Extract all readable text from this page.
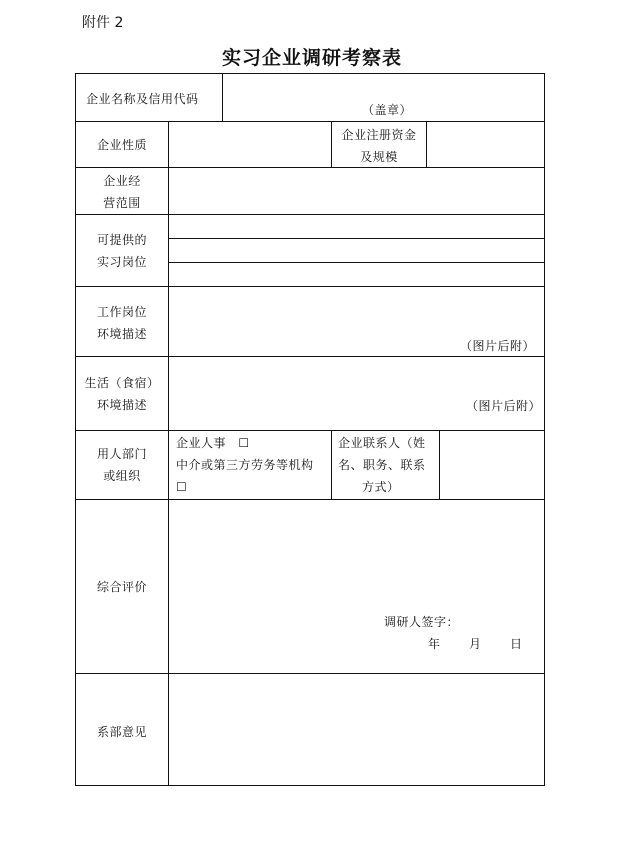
附件 2
实习企业调研考察表
企业名称及信用代码
（盖章）
企业性质
企业注册资金
及规模
企业经
营范围
可提供的
实习岗位
工作岗位
环境描述
（图片后附）
生活（食宿）
环境描述	（图片后附）
用人部门
或组织
企业人事 ☐
中介或第三方劳务等机构
☐
企业联系人（姓
名、职务、联系
方式）
综合评价
调研人签字：
年 月 日
系部意见
